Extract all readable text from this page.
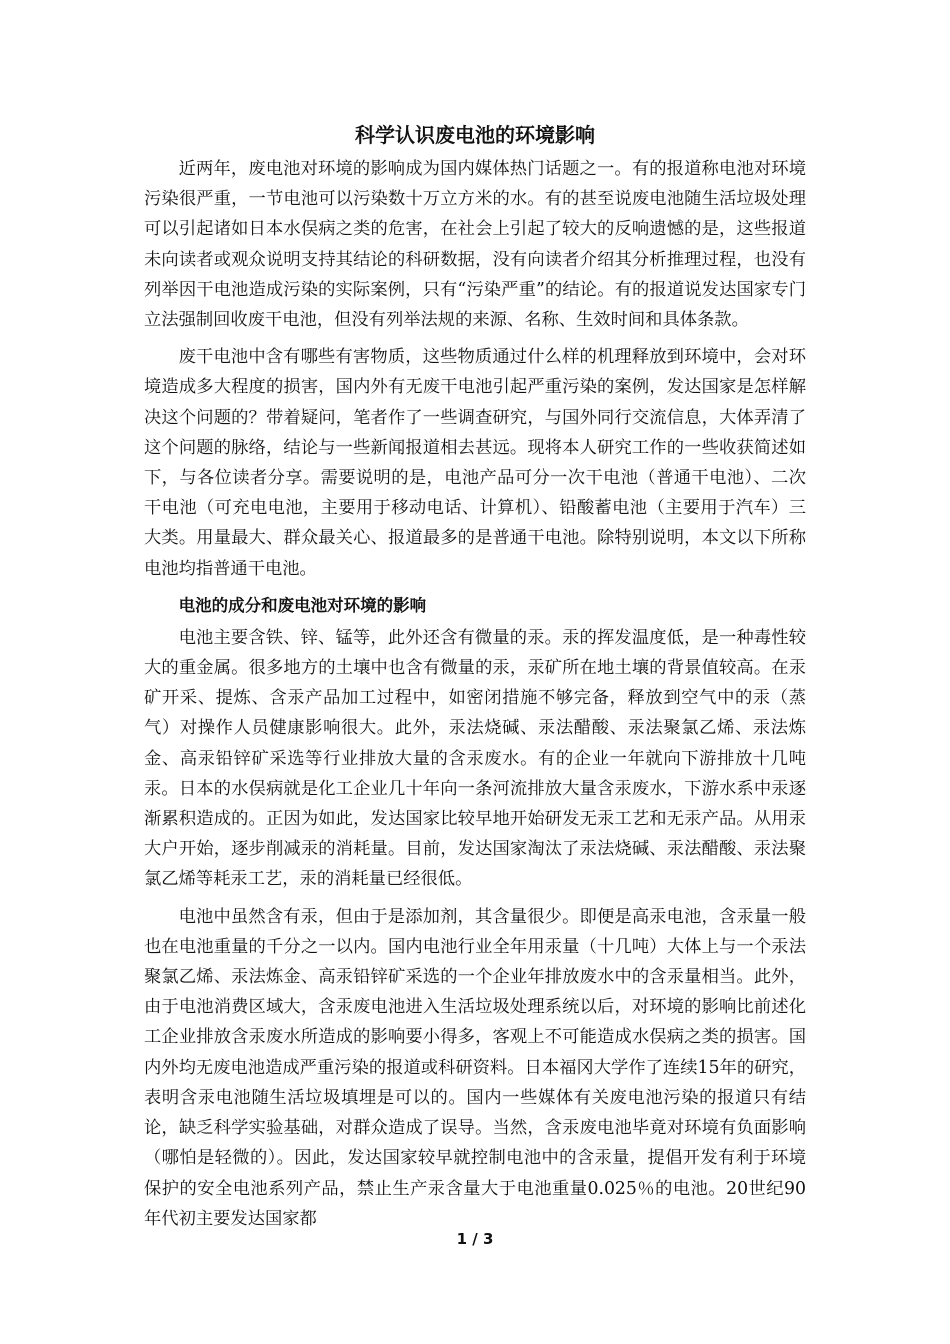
科学认识废电池的环境影响

近两年，废电池对环境的影响成为国内媒体热门话题之一。有的报道称电池对环境污染很严重，一节电池可以污染数十万立方米的水。有的甚至说废电池随生活垃圾处理可以引起诸如日本水俣病之类的危害，在社会上引起了较大的反响遗憾的是，这些报道未向读者或观众说明支持其结论的科研数据，没有向读者介绍其分析推理过程，也没有列举因干电池造成污染的实际案例，只有“污染严重”的结论。有的报道说发达国家专门立法强制回收废干电池，但没有列举法规的来源、名称、生效时间和具体条款。

废干电池中含有哪些有害物质，这些物质通过什么样的机理释放到环境中，会对环境造成多大程度的损害，国内外有无废干电池引起严重污染的案例，发达国家是怎样解决这个问题的？带着疑问，笔者作了一些调查研究，与国外同行交流信息，大体弄清了这个问题的脉络，结论与一些新闻报道相去甚远。现将本人研究工作的一些收获简述如下，与各位读者分享。需要说明的是，电池产品可分一次干电池（普通干电池）、二次干电池（可充电电池，主要用于移动电话、计算机）、铅酸蓄电池（主要用于汽车）三大类。用量最大、群众最关心、报道最多的是普通干电池。除特别说明，本文以下所称电池均指普通干电池。

电池的成分和废电池对环境的影响

电池主要含铁、锌、锰等，此外还含有微量的汞。汞的挥发温度低，是一种毒性较大的重金属。很多地方的土壤中也含有微量的汞，汞矿所在地土壤的背景值较高。在汞矿开采、提炼、含汞产品加工过程中，如密闭措施不够完备，释放到空气中的汞（蒸气）对操作人员健康影响很大。此外，汞法烧碱、汞法醋酸、汞法聚氯乙烯、汞法炼金、高汞铅锌矿采选等行业排放大量的含汞废水。有的企业一年就向下游排放十几吨汞。日本的水俣病就是化工企业几十年向一条河流排放大量含汞废水，下游水系中汞逐渐累积造成的。正因为如此，发达国家比较早地开始研发无汞工艺和无汞产品。从用汞大户开始，逐步削减汞的消耗量。目前，发达国家淘汰了汞法烧碱、汞法醋酸、汞法聚氯乙烯等耗汞工艺，汞的消耗量已经很低。

电池中虽然含有汞，但由于是添加剂，其含量很少。即便是高汞电池，含汞量一般也在电池重量的千分之一以内。国内电池行业全年用汞量（十几吨）大体上与一个汞法聚氯乙烯、汞法炼金、高汞铅锌矿采选的一个企业年排放废水中的含汞量相当。此外，由于电池消费区域大，含汞废电池进入生活垃圾处理系统以后，对环境的影响比前述化工企业排放含汞废水所造成的影响要小得多，客观上不可能造成水俣病之类的损害。国内外均无废电池造成严重污染的报道或科研资料。日本福冈大学作了连续15年的研究，表明含汞电池随生活垃圾填埋是可以的。国内一些媒体有关废电池污染的报道只有结论，缺乏科学实验基础，对群众造成了误导。当然，含汞废电池毕竟对环境有负面影响（哪怕是轻微的）。因此，发达国家较早就控制电池中的含汞量，提倡开发有利于环境保护的安全电池系列产品，禁止生产汞含量大于电池重量0.025％的电池。20世纪90年代初主要发达国家都

1 / 3
